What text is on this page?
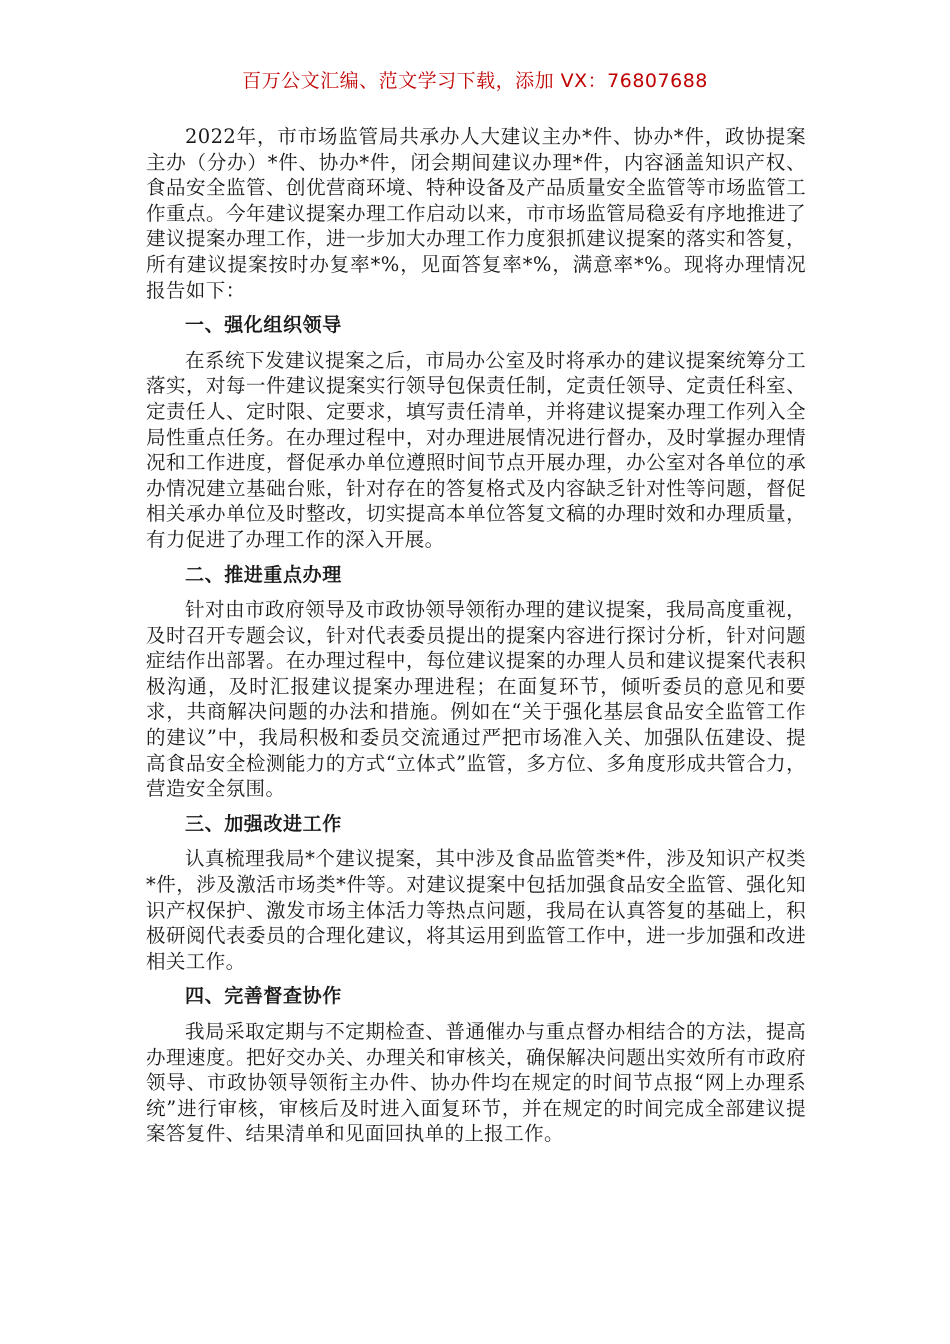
百万公文汇编、范文学习下载，添加 VX：76807688

2022年，市市场监管局共承办人大建议主办*件、协办*件，政协提案主办（分办）*件、协办*件，闭会期间建议办理*件，内容涵盖知识产权、食品安全监管、创优营商环境、特种设备及产品质量安全监管等市场监管工作重点。今年建议提案办理工作启动以来，市市场监管局稳妥有序地推进了建议提案办理工作，进一步加大办理工作力度狠抓建议提案的落实和答复，所有建议提案按时办复率*%，见面答复率*%，满意率*%。现将办理情况报告如下：

一、强化组织领导

在系统下发建议提案之后，市局办公室及时将承办的建议提案统筹分工落实，对每一件建议提案实行领导包保责任制，定责任领导、定责任科室、定责任人、定时限、定要求，填写责任清单，并将建议提案办理工作列入全局性重点任务。在办理过程中，对办理进展情况进行督办，及时掌握办理情况和工作进度，督促承办单位遵照时间节点开展办理，办公室对各单位的承办情况建立基础台账，针对存在的答复格式及内容缺乏针对性等问题，督促相关承办单位及时整改，切实提高本单位答复文稿的办理时效和办理质量，有力促进了办理工作的深入开展。

二、推进重点办理

针对由市政府领导及市政协领导领衔办理的建议提案，我局高度重视，及时召开专题会议，针对代表委员提出的提案内容进行探讨分析，针对问题症结作出部署。在办理过程中，每位建议提案的办理人员和建议提案代表积极沟通，及时汇报建议提案办理进程；在面复环节，倾听委员的意见和要求，共商解决问题的办法和措施。例如在“关于强化基层食品安全监管工作的建议”中，我局积极和委员交流通过严把市场准入关、加强队伍建设、提高食品安全检测能力的方式“立体式”监管，多方位、多角度形成共管合力，营造安全氛围。

三、加强改进工作

认真梳理我局*个建议提案，其中涉及食品监管类*件，涉及知识产权类*件，涉及激活市场类*件等。对建议提案中包括加强食品安全监管、强化知识产权保护、激发市场主体活力等热点问题，我局在认真答复的基础上，积极研阅代表委员的合理化建议，将其运用到监管工作中，进一步加强和改进相关工作。

四、完善督查协作

我局采取定期与不定期检查、普通催办与重点督办相结合的方法，提高办理速度。把好交办关、办理关和审核关，确保解决问题出实效所有市政府领导、市政协领导领衔主办件、协办件均在规定的时间节点报“网上办理系统”进行审核，审核后及时进入面复环节，并在规定的时间完成全部建议提案答复件、结果清单和见面回执单的上报工作。
